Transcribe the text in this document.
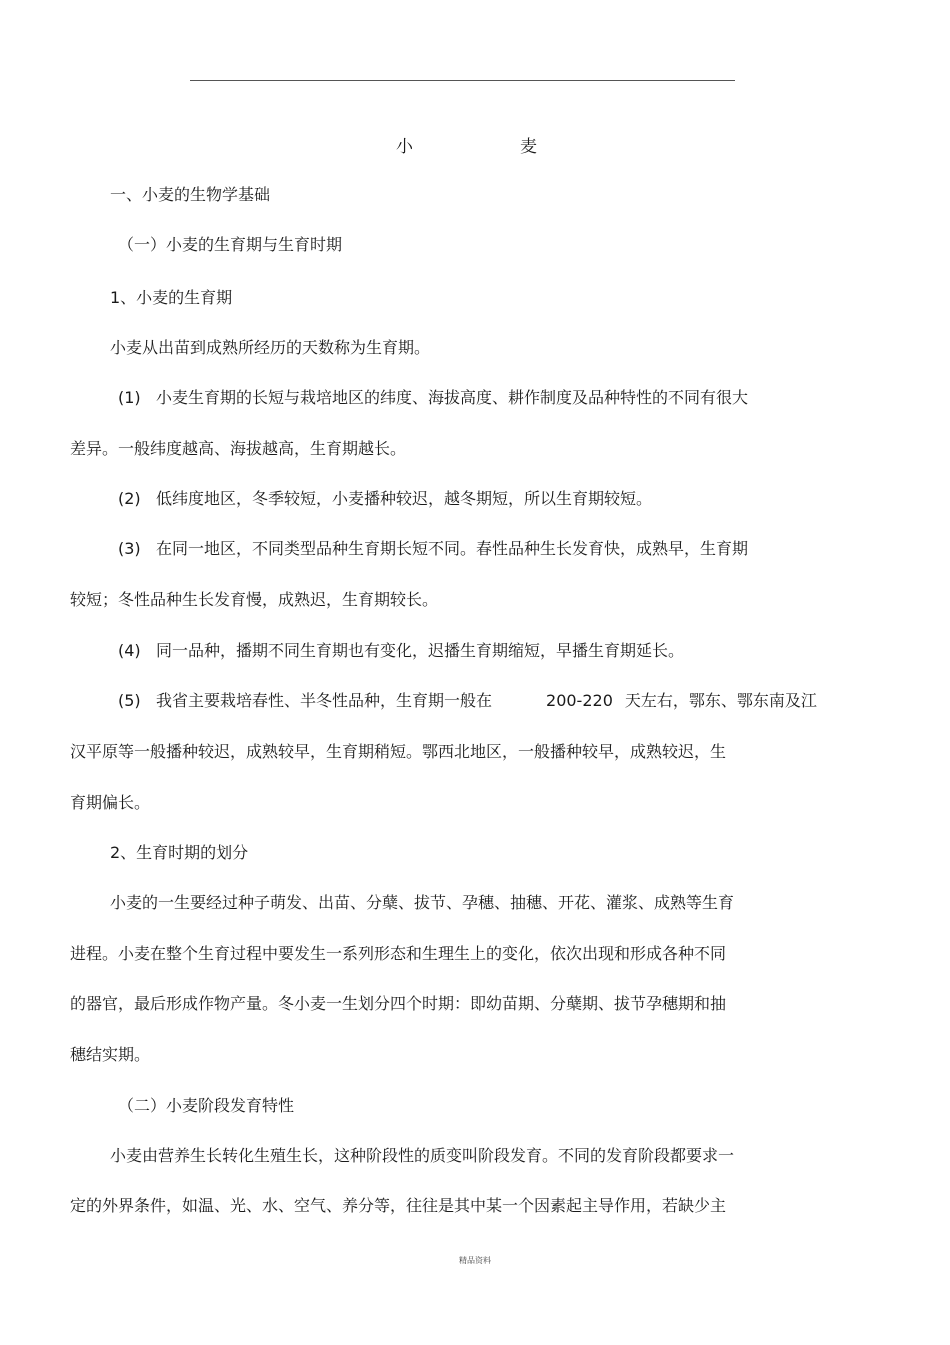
小	麦
一、小麦的生物学基础
（一）小麦的生育期与生育时期
1、小麦的生育期
小麦从出苗到成熟所经历的天数称为生育期。
(1) 小麦生育期的长短与栽培地区的纬度、海拔高度、耕作制度及品种特性的不同有很大
差异。一般纬度越高、海拔越高，生育期越长。
(2) 低纬度地区，冬季较短，小麦播种较迟，越冬期短，所以生育期较短。
(3) 在同一地区，不同类型品种生育期长短不同。春性品种生长发育快，成熟早，生育期
较短；冬性品种生长发育慢，成熟迟，生育期较长。
(4) 同一品种，播期不同生育期也有变化，迟播生育期缩短，早播生育期延长。
(5) 我省主要栽培春性、半冬性品种，生育期一般在	200-220 天左右，鄂东、鄂东南及江
汉平原等一般播种较迟，成熟较早，生育期稍短。鄂西北地区，一般播种较早，成熟较迟，生
育期偏长。
2、生育时期的划分
小麦的一生要经过种子萌发、出苗、分蘖、拔节、孕穗、抽穗、开花、灌浆、成熟等生育
进程。小麦在整个生育过程中要发生一系列形态和生理生上的变化，依次出现和形成各种不同
的器官，最后形成作物产量。冬小麦一生划分四个时期：即幼苗期、分蘖期、拔节孕穗期和抽
穗结实期。
（二）小麦阶段发育特性
小麦由营养生长转化生殖生长，这种阶段性的质变叫阶段发育。不同的发育阶段都要求一
定的外界条件，如温、光、水、空气、养分等，往往是其中某一个因素起主导作用，若缺少主
精品资料
